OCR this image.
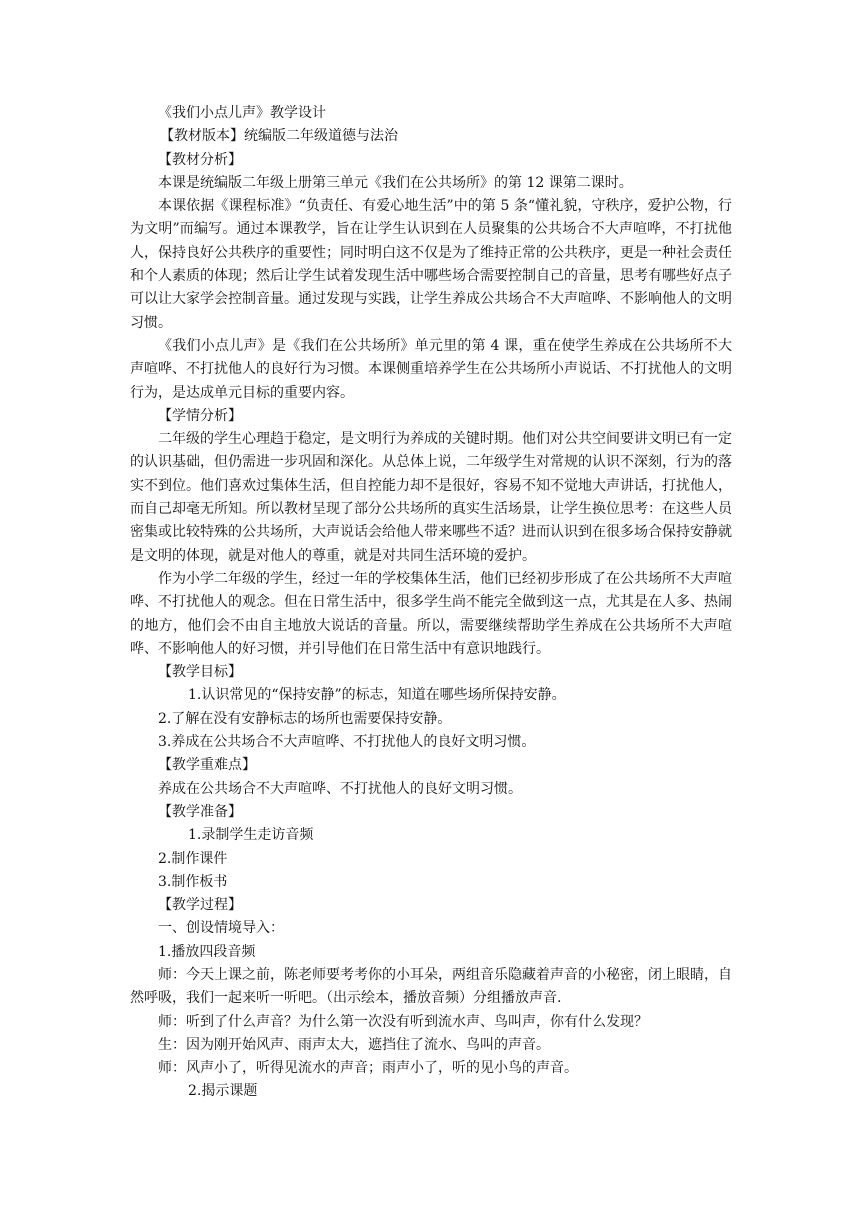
《我们小点儿声》教学设计

【教材版本】统编版二年级道德与法治

【教材分析】

本课是统编版二年级上册第三单元《我们在公共场所》的第 12 课第二课时。

本课依据《课程标准》“负责任、有爱心地生活”中的第 5 条“懂礼貌，守秩序，爱护公物，行为文明”而编写。通过本课教学，旨在让学生认识到在人员聚集的公共场合不大声喧哗，不打扰他人，保持良好公共秩序的重要性；同时明白这不仅是为了维持正常的公共秩序，更是一种社会责任和个人素质的体现；然后让学生试着发现生活中哪些场合需要控制自己的音量，思考有哪些好点子可以让大家学会控制音量。通过发现与实践，让学生养成公共场合不大声喧哗、不影响他人的文明习惯。

《我们小点儿声》是《我们在公共场所》单元里的第 4 课，重在使学生养成在公共场所不大声喧哗、不打扰他人的良好行为习惯。本课侧重培养学生在公共场所小声说话、不打扰他人的文明行为，是达成单元目标的重要内容。

【学情分析】

二年级的学生心理趋于稳定，是文明行为养成的关键时期。他们对公共空间要讲文明已有一定的认识基础，但仍需进一步巩固和深化。从总体上说，二年级学生对常规的认识不深刻，行为的落实不到位。他们喜欢过集体生活，但自控能力却不是很好，容易不知不觉地大声讲话，打扰他人，而自己却毫无所知。所以教材呈现了部分公共场所的真实生活场景，让学生换位思考：在这些人员密集或比较特殊的公共场所，大声说话会给他人带来哪些不适？进而认识到在很多场合保持安静就是文明的体现，就是对他人的尊重，就是对共同生活环境的爱护。

作为小学二年级的学生，经过一年的学校集体生活，他们已经初步形成了在公共场所不大声喧哗、不打扰他人的观念。但在日常生活中，很多学生尚不能完全做到这一点，尤其是在人多、热闹的地方，他们会不由自主地放大说话的音量。所以，需要继续帮助学生养成在公共场所不大声喧哗、不影响他人的好习惯，并引导他们在日常生活中有意识地践行。

【教学目标】

1.认识常见的“保持安静”的标志，知道在哪些场所保持安静。

2.了解在没有安静标志的场所也需要保持安静。

3.养成在公共场合不大声喧哗、不打扰他人的良好文明习惯。

【教学重难点】

养成在公共场合不大声喧哗、不打扰他人的良好文明习惯。

【教学准备】

1.录制学生走访音频

2.制作课件

3.制作板书

【教学过程】

一、创设情境导入：

1.播放四段音频

师：今天上课之前，陈老师要考考你的小耳朵，两组音乐隐藏着声音的小秘密，闭上眼睛，自然呼吸，我们一起来听一听吧。（出示绘本，播放音频）分组播放声音.

师：听到了什么声音？为什么第一次没有听到流水声、鸟叫声，你有什么发现？

生：因为刚开始风声、雨声太大，遮挡住了流水、鸟叫的声音。

师：风声小了，听得见流水的声音；雨声小了，听的见小鸟的声音。

2.揭示课题
